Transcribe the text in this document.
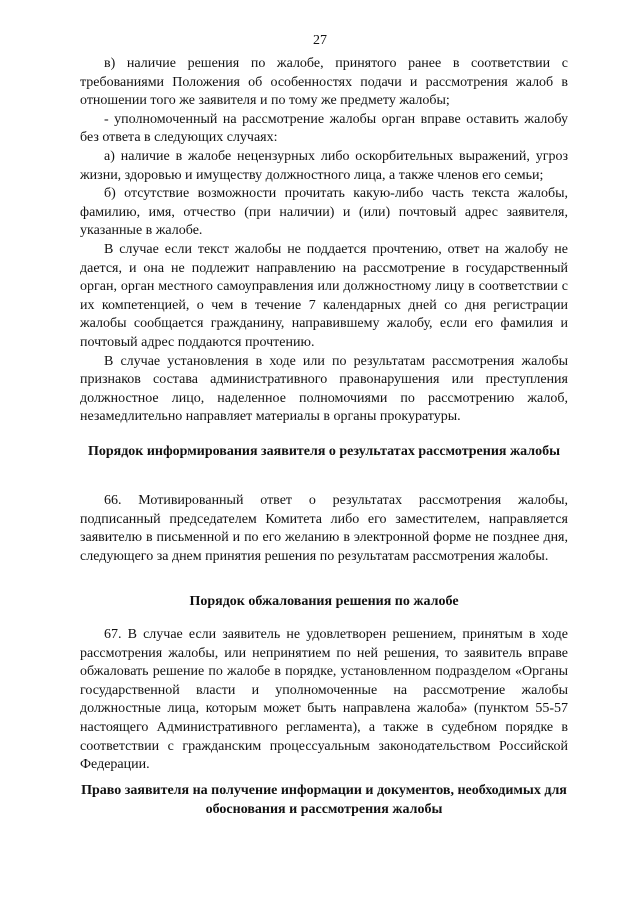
27

в) наличие решения по жалобе, принятого ранее в соответствии с требованиями Положения об особенностях подачи и рассмотрения жалоб в отношении того же заявителя и по тому же предмету жалобы;

- уполномоченный на рассмотрение жалобы орган вправе оставить жалобу без ответа в следующих случаях:

а) наличие в жалобе нецензурных либо оскорбительных выражений, угроз жизни, здоровью и имуществу должностного лица, а также членов его семьи;

б) отсутствие возможности прочитать какую-либо часть текста жалобы, фамилию, имя, отчество (при наличии) и (или) почтовый адрес заявителя, указанные в жалобе.

В случае если текст жалобы не поддается прочтению, ответ на жалобу не дается, и она не подлежит направлению на рассмотрение в государственный орган, орган местного самоуправления или должностному лицу в соответствии с их компетенцией, о чем в течение 7 календарных дней со дня регистрации жалобы сообщается гражданину, направившему жалобу, если его фамилия и почтовый адрес поддаются прочтению.

В случае установления в ходе или по результатам рассмотрения жалобы признаков состава административного правонарушения или преступления должностное лицо, наделенное полномочиями по рассмотрению жалоб, незамедлительно направляет материалы в органы прокуратуры.

Порядок информирования заявителя о результатах рассмотрения жалобы

66. Мотивированный ответ о результатах рассмотрения жалобы, подписанный председателем Комитета либо его заместителем, направляется заявителю в письменной и по его желанию в электронной форме не позднее дня, следующего за днем принятия решения по результатам рассмотрения жалобы.

Порядок обжалования решения по жалобе

67. В случае если заявитель не удовлетворен решением, принятым в ходе рассмотрения жалобы, или непринятием по ней решения, то заявитель вправе обжаловать решение по жалобе в порядке, установленном подразделом «Органы государственной власти и уполномоченные на рассмотрение жалобы должностные лица, которым может быть направлена жалоба» (пунктом 55-57 настоящего Административного регламента), а также в судебном порядке в соответствии с гражданским процессуальным законодательством Российской Федерации.

Право заявителя на получение информации и документов, необходимых для обоснования и рассмотрения жалобы
